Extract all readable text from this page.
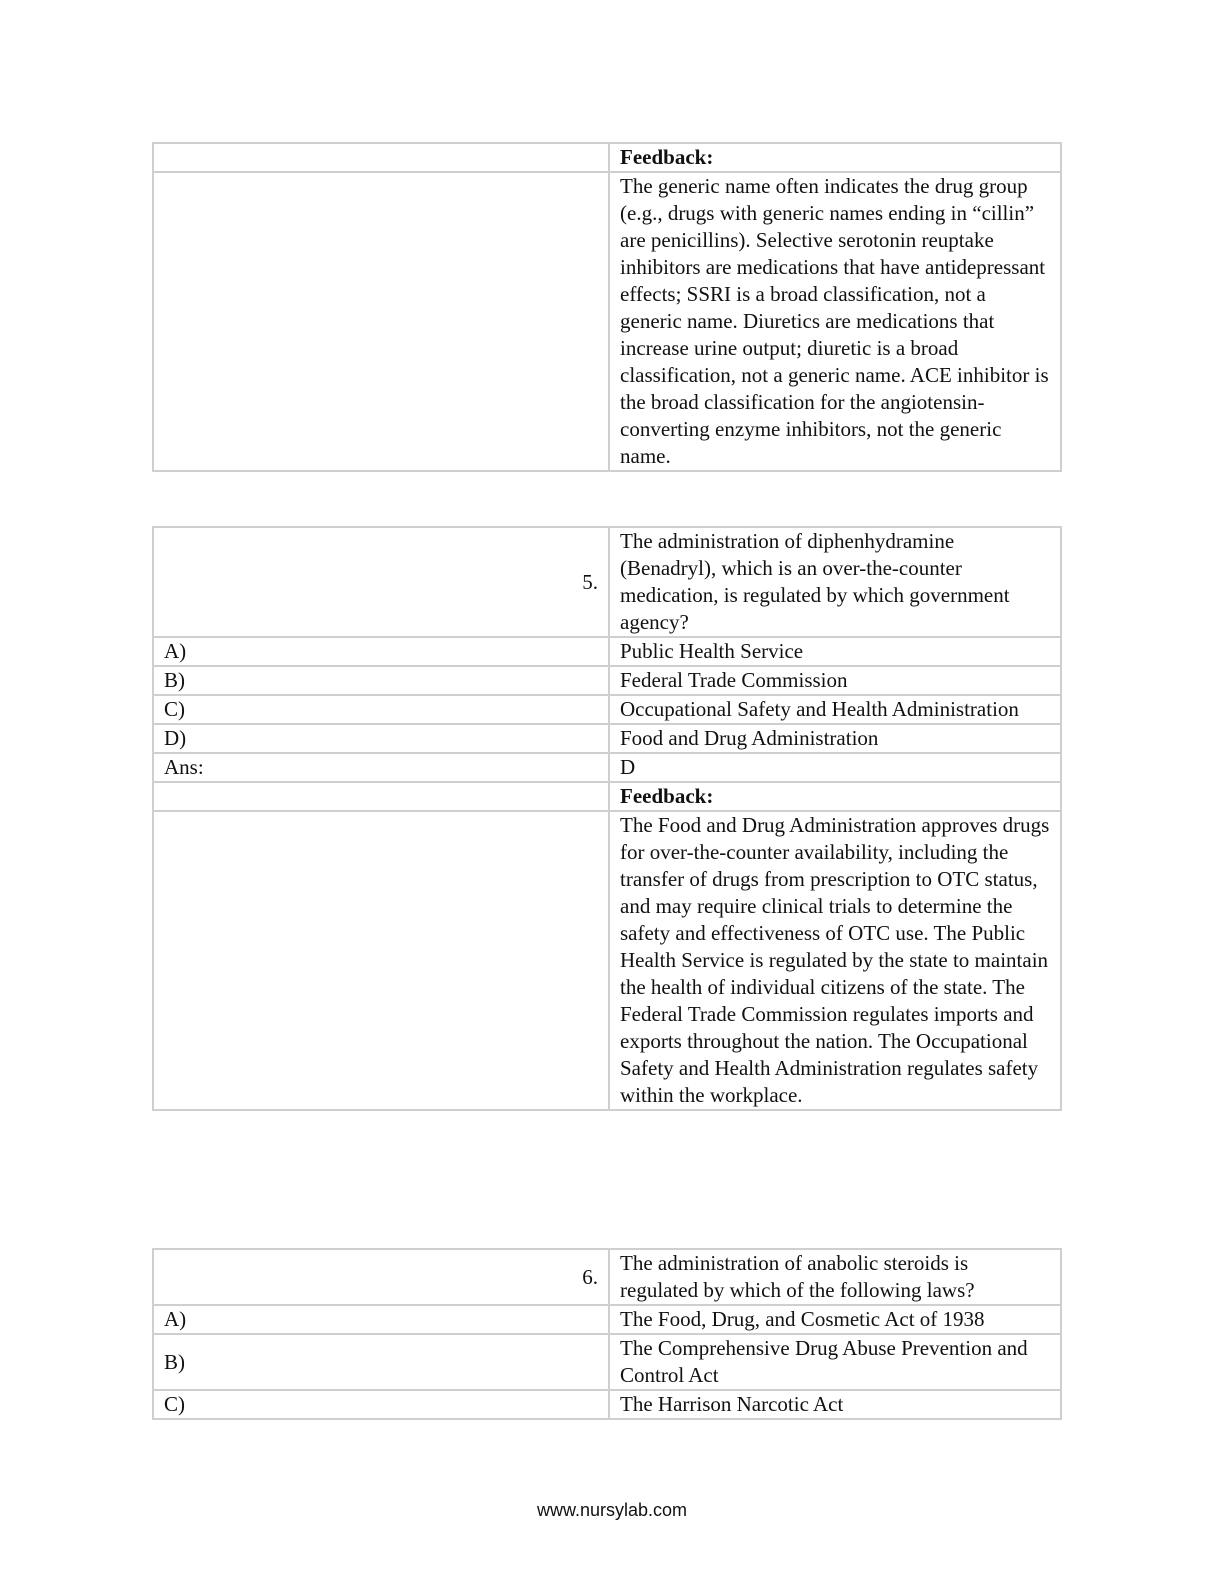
	Feedback:
	The generic name often indicates the drug group (e.g., drugs with generic names ending in “cillin” are penicillins). Selective serotonin reuptake inhibitors are medications that have antidepressant effects; SSRI is a broad classification, not a generic name. Diuretics are medications that increase urine output; diuretic is a broad classification, not a generic name. ACE inhibitor is the broad classification for the angiotensin-converting enzyme inhibitors, not the generic name.
5.	The administration of diphenhydramine (Benadryl), which is an over-the-counter medication, is regulated by which government agency?
A)	Public Health Service
B)	Federal Trade Commission
C)	Occupational Safety and Health Administration
D)	Food and Drug Administration
Ans:	D
	Feedback:
	The Food and Drug Administration approves drugs for over-the-counter availability, including the transfer of drugs from prescription to OTC status, and may require clinical trials to determine the safety and effectiveness of OTC use. The Public Health Service is regulated by the state to maintain the health of individual citizens of the state. The Federal Trade Commission regulates imports and exports throughout the nation. The Occupational Safety and Health Administration regulates safety within the workplace.
6.	The administration of anabolic steroids is regulated by which of the following laws?
A)	The Food, Drug, and Cosmetic Act of 1938
B)	The Comprehensive Drug Abuse Prevention and Control Act
C)	The Harrison Narcotic Act
www.nursylab.com
